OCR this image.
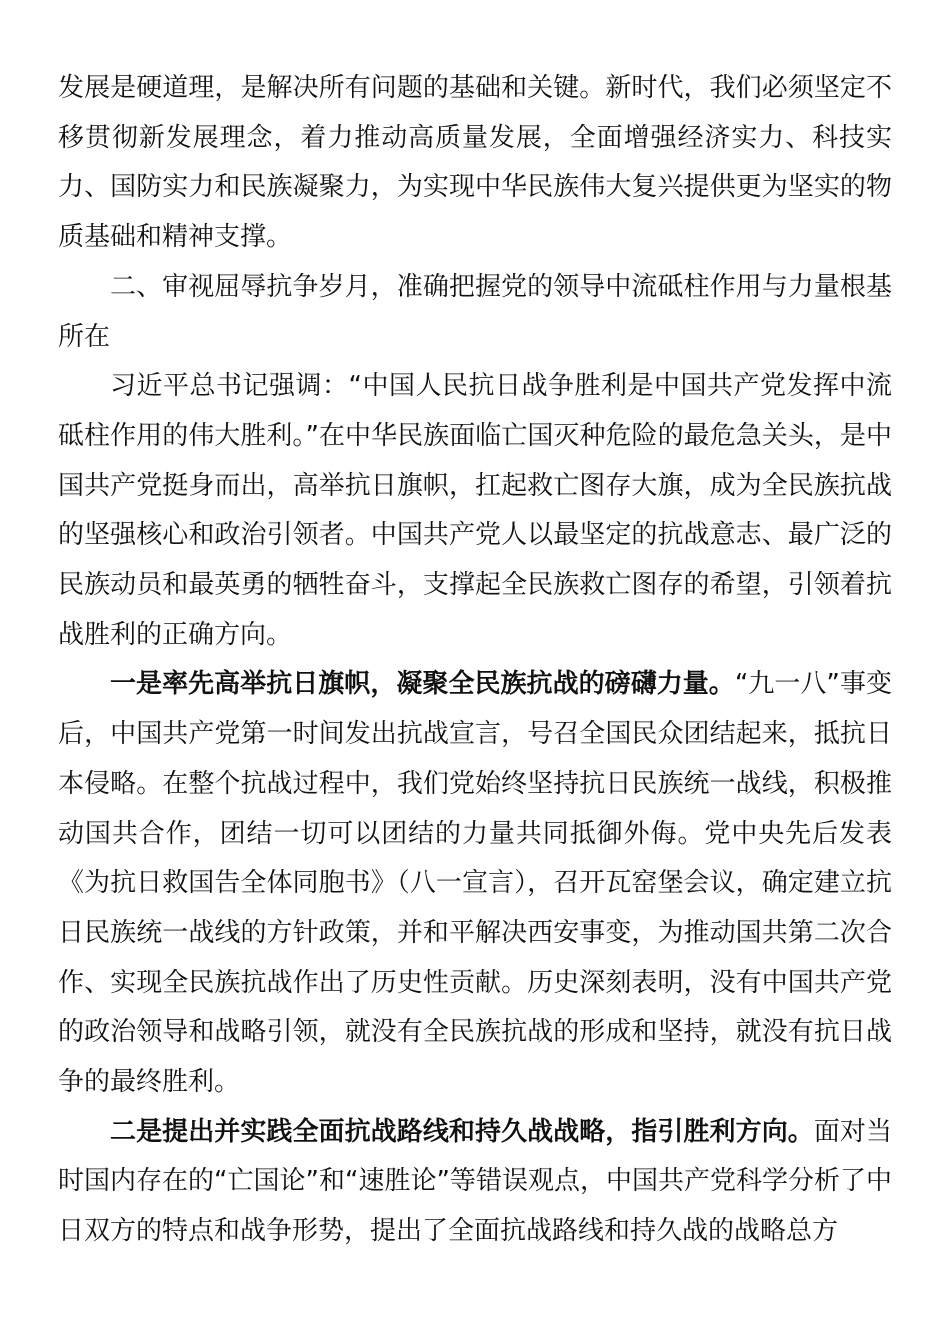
发展是硬道理，是解决所有问题的基础和关键。新时代，我们必须坚定不移贯彻新发展理念，着力推动高质量发展，全面增强经济实力、科技实力、国防实力和民族凝聚力，为实现中华民族伟大复兴提供更为坚实的物质基础和精神支撑。

二、审视屈辱抗争岁月，准确把握党的领导中流砥柱作用与力量根基所在

习近平总书记强调：“中国人民抗日战争胜利是中国共产党发挥中流砥柱作用的伟大胜利。”在中华民族面临亡国灭种危险的最危急关头，是中国共产党挺身而出，高举抗日旗帜，扛起救亡图存大旗，成为全民族抗战的坚强核心和政治引领者。中国共产党人以最坚定的抗战意志、最广泛的民族动员和最英勇的牺牲奋斗，支撑起全民族救亡图存的希望，引领着抗战胜利的正确方向。

一是率先高举抗日旗帜，凝聚全民族抗战的磅礴力量。“九一八”事变后，中国共产党第一时间发出抗战宣言，号召全国民众团结起来，抵抗日本侵略。在整个抗战过程中，我们党始终坚持抗日民族统一战线，积极推动国共合作，团结一切可以团结的力量共同抵御外侮。党中央先后发表《为抗日救国告全体同胞书》（八一宣言），召开瓦窑堡会议，确定建立抗日民族统一战线的方针政策，并和平解决西安事变，为推动国共第二次合作、实现全民族抗战作出了历史性贡献。历史深刻表明，没有中国共产党的政治领导和战略引领，就没有全民族抗战的形成和坚持，就没有抗日战争的最终胜利。

二是提出并实践全面抗战路线和持久战战略，指引胜利方向。面对当时国内存在的“亡国论”和“速胜论”等错误观点，中国共产党科学分析了中日双方的特点和战争形势，提出了全面抗战路线和持久战的战略总方
